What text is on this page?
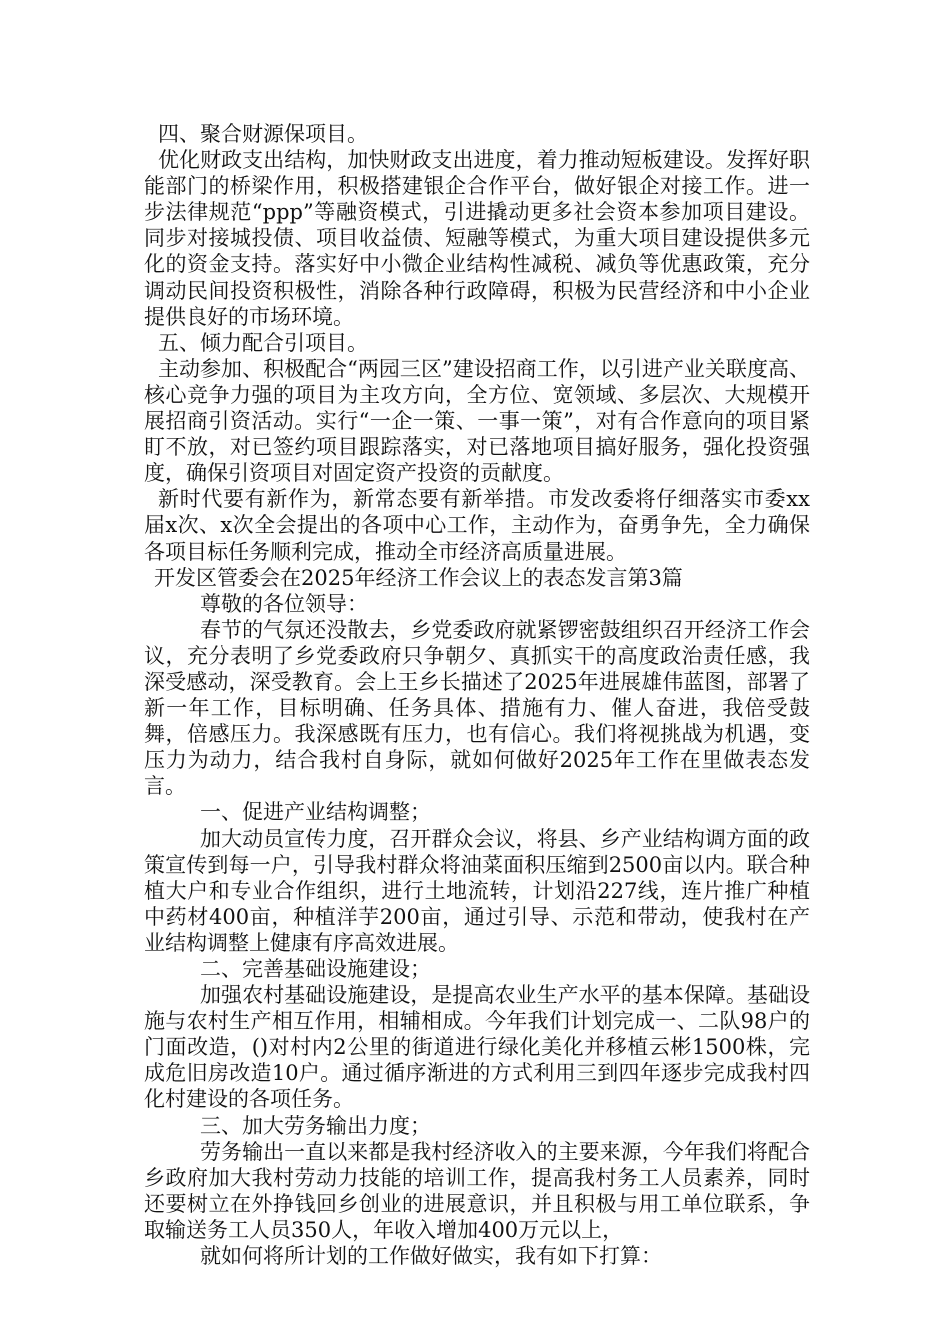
四、聚合财源保项目。

优化财政支出结构，加快财政支出进度，着力推动短板建设。发挥好职能部门的桥梁作用，积极搭建银企合作平台，做好银企对接工作。进一步法律规范“ppp”等融资模式，引进撬动更多社会资本参加项目建设。同步对接城投债、项目收益债、短融等模式，为重大项目建设提供多元化的资金支持。落实好中小微企业结构性减税、减负等优惠政策，充分调动民间投资积极性，消除各种行政障碍，积极为民营经济和中小企业提供良好的市场环境。

五、倾力配合引项目。

主动参加、积极配合“两园三区”建设招商工作，以引进产业关联度高、核心竞争力强的项目为主攻方向，全方位、宽领域、多层次、大规模开展招商引资活动。实行“一企一策、一事一策”，对有合作意向的项目紧盯不放，对已签约项目跟踪落实，对已落地项目搞好服务，强化投资强度，确保引资项目对固定资产投资的贡献度。

新时代要有新作为，新常态要有新举措。市发改委将仔细落实市委xx届x次、x次全会提出的各项中心工作，主动作为，奋勇争先，全力确保各项目标任务顺利完成，推动全市经济高质量进展。

开发区管委会在2025年经济工作会议上的表态发言第3篇

尊敬的各位领导：

春节的气氛还没散去，乡党委政府就紧锣密鼓组织召开经济工作会议，充分表明了乡党委政府只争朝夕、真抓实干的高度政治责任感，我深受感动，深受教育。会上王乡长描述了2025年进展雄伟蓝图，部署了新一年工作，目标明确、任务具体、措施有力、催人奋进，我倍受鼓舞，倍感压力。我深感既有压力，也有信心。我们将视挑战为机遇，变压力为动力，结合我村自身际，就如何做好2025年工作在里做表态发言。

一、促进产业结构调整；

加大动员宣传力度，召开群众会议，将县、乡产业结构调方面的政策宣传到每一户，引导我村群众将油菜面积压缩到2500亩以内。联合种植大户和专业合作组织，进行土地流转，计划沿227线，连片推广种植中药材400亩，种植洋芋200亩，通过引导、示范和带动，使我村在产业结构调整上健康有序高效进展。

二、完善基础设施建设；

加强农村基础设施建设，是提高农业生产水平的基本保障。基础设施与农村生产相互作用，相辅相成。今年我们计划完成一、二队98户的门面改造，()对村内2公里的街道进行绿化美化并移植云彬1500株，完成危旧房改造10户。通过循序渐进的方式利用三到四年逐步完成我村四化村建设的各项任务。

三、加大劳务输出力度；

劳务输出一直以来都是我村经济收入的主要来源，今年我们将配合乡政府加大我村劳动力技能的培训工作，提高我村务工人员素养，同时还要树立在外挣钱回乡创业的进展意识，并且积极与用工单位联系，争取输送务工人员350人，年收入增加400万元以上，

就如何将所计划的工作做好做实，我有如下打算：
